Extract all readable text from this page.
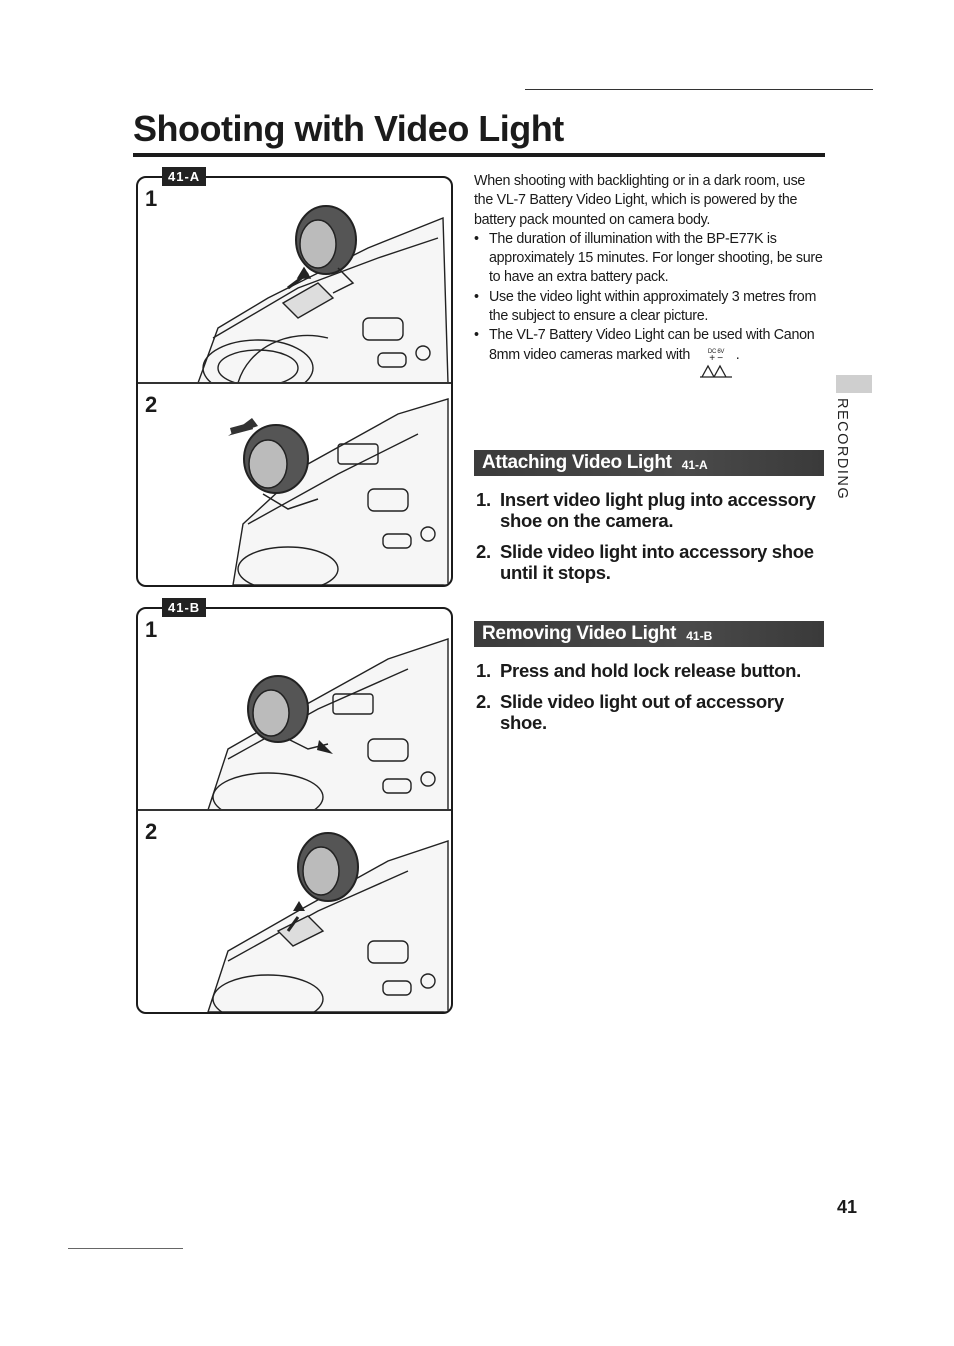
Shooting with Video Light
1
2
41-A
1
2
41-B

When shooting with backlighting or in a dark room, use the VL-7 Battery Video Light, which is powered by the battery pack mounted on camera body.

• The duration of illumination with the BP-E77K is approximately 15 minutes. For longer shooting, be sure to have an extra battery pack.
• Use the video light within approximately 3 metres from the subject to ensure a clear picture.
• The VL-7 Battery Video Light can be used with Canon 8mm video cameras marked with	DC 6V
+ − .
Attaching Video Light 41-A
1. Insert video light plug into accessory shoe on the camera.
2. Slide video light into accessory shoe until it stops.
Removing Video Light 41-B
1. Press and hold lock release button.
2. Slide video light out of accessory shoe.
RECORDING
41
